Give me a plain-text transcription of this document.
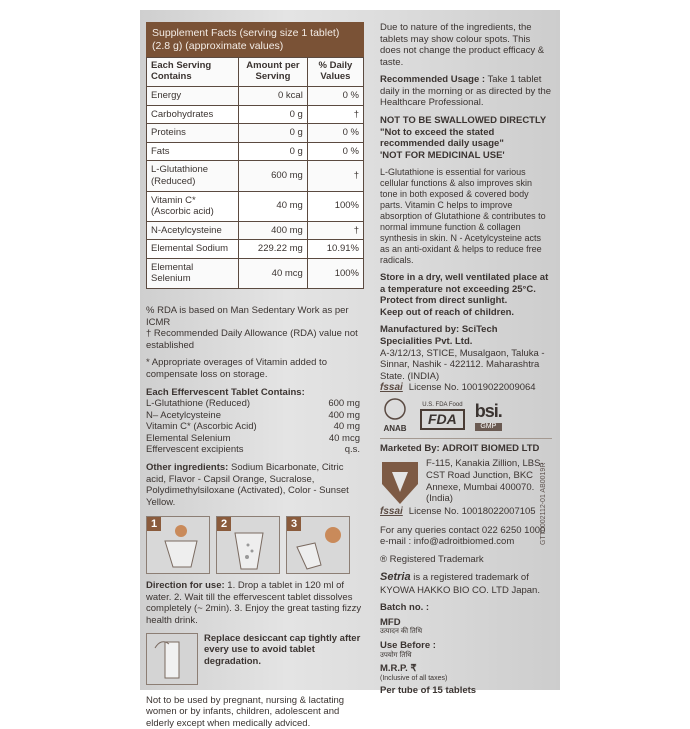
Supplement Facts (serving size 1 tablet) (2.8 g) (approximate values)
Each Serving Contains	Amount per Serving	% Daily Values
Energy	0 kcal	0 %
Carbohydrates	0 g	†
Proteins	0 g	0 %
Fats	0 g	0 %
L-Glutathione (Reduced)	600 mg	†
Vitamin C* (Ascorbic acid)	40 mg	100%
N-Acetylcysteine	400 mg	†
Elemental Sodium	229.22 mg	10.91%
Elemental Selenium	40 mcg	100%

% RDA is based on Man Sedentary Work as per ICMR

† Recommended Daily Allowance (RDA) value not established

* Appropriate overages of Vitamin added to compensate loss on storage.

Each Effervescent Tablet Contains:

L-Glutathione (Reduced)	600 mg
N– Acetylcysteine	400 mg
Vitamin C* (Ascorbic Acid)	40 mg
Elemental Selenium	40 mcg
Effervescent excipients	q.s.

Other ingredients: Sodium Bicarbonate, Citric acid, Flavor - Capsil Orange, Sucralose, Polydimethylsiloxane (Activated), Color - Sunset Yellow.

1	2	3

Direction for use: 1. Drop a tablet in 120 ml of water. 2. Wait till the effervescent tablet dissolves completely (~ 2min). 3. Enjoy the great tasting fizzy health drink.

Replace desiccant cap tightly after every use to avoid tablet degradation.

Not to be used by pregnant, nursing & lactating women or by infants, children, adolescent and elderly except when medically adviced.

Due to nature of the ingredients, the tablets may show colour spots. This does not change the product efficacy & taste.

Recommended Usage : Take 1 tablet daily in the morning or as directed by the Healthcare Professional.

NOT TO BE SWALLOWED DIRECTLY

"Not to exceed the stated recommended daily usage"

'NOT FOR MEDICINAL USE'

L-Glutathione is essential for various cellular functions & also improves skin tone in both exposed & covered body parts. Vitamin C helps to improve absorption of Glutathione & contributes to normal immune function & collagen synthesis in skin. N - Acetylcysteine acts as an anti-oxidant & helps to reduce free radicals.

Store in a dry, well ventilated place at a temperature not exceeding 25°C.

Protect from direct sunlight.

Keep out of reach of children.

Manufactured by: SciTech Specialities Pvt. Ltd.

A-3/12/13, STICE, Musalgaon, Taluka - Sinnar, Nashik - 422112. Maharashtra State. (INDIA)

fssai License No. 10019022009064

ANAB
U.S. FDA Food
FDA	bsi.
GMP

Marketed By: ADROIT BIOMED LTD

F-115, Kanakia Zillion, LBS-CST Road Junction, BKC Annexe, Mumbai 400070. (India)

fssai License No. 10018022007105

For any queries contact 022 6250 1000

e-mail : info@adroitbiomed.com

® Registered Trademark

Setria is a registered trademark of KYOWA HAKKO BIO CO. LTD Japan.

Batch no. :

MFD

उत्पादन की तिथि

Use Before :

उपयोग तिथि

M.R.P. ₹

(Inclusive of all taxes)

Per tube of 15 tablets

GTT0002112-01 AB0019R
